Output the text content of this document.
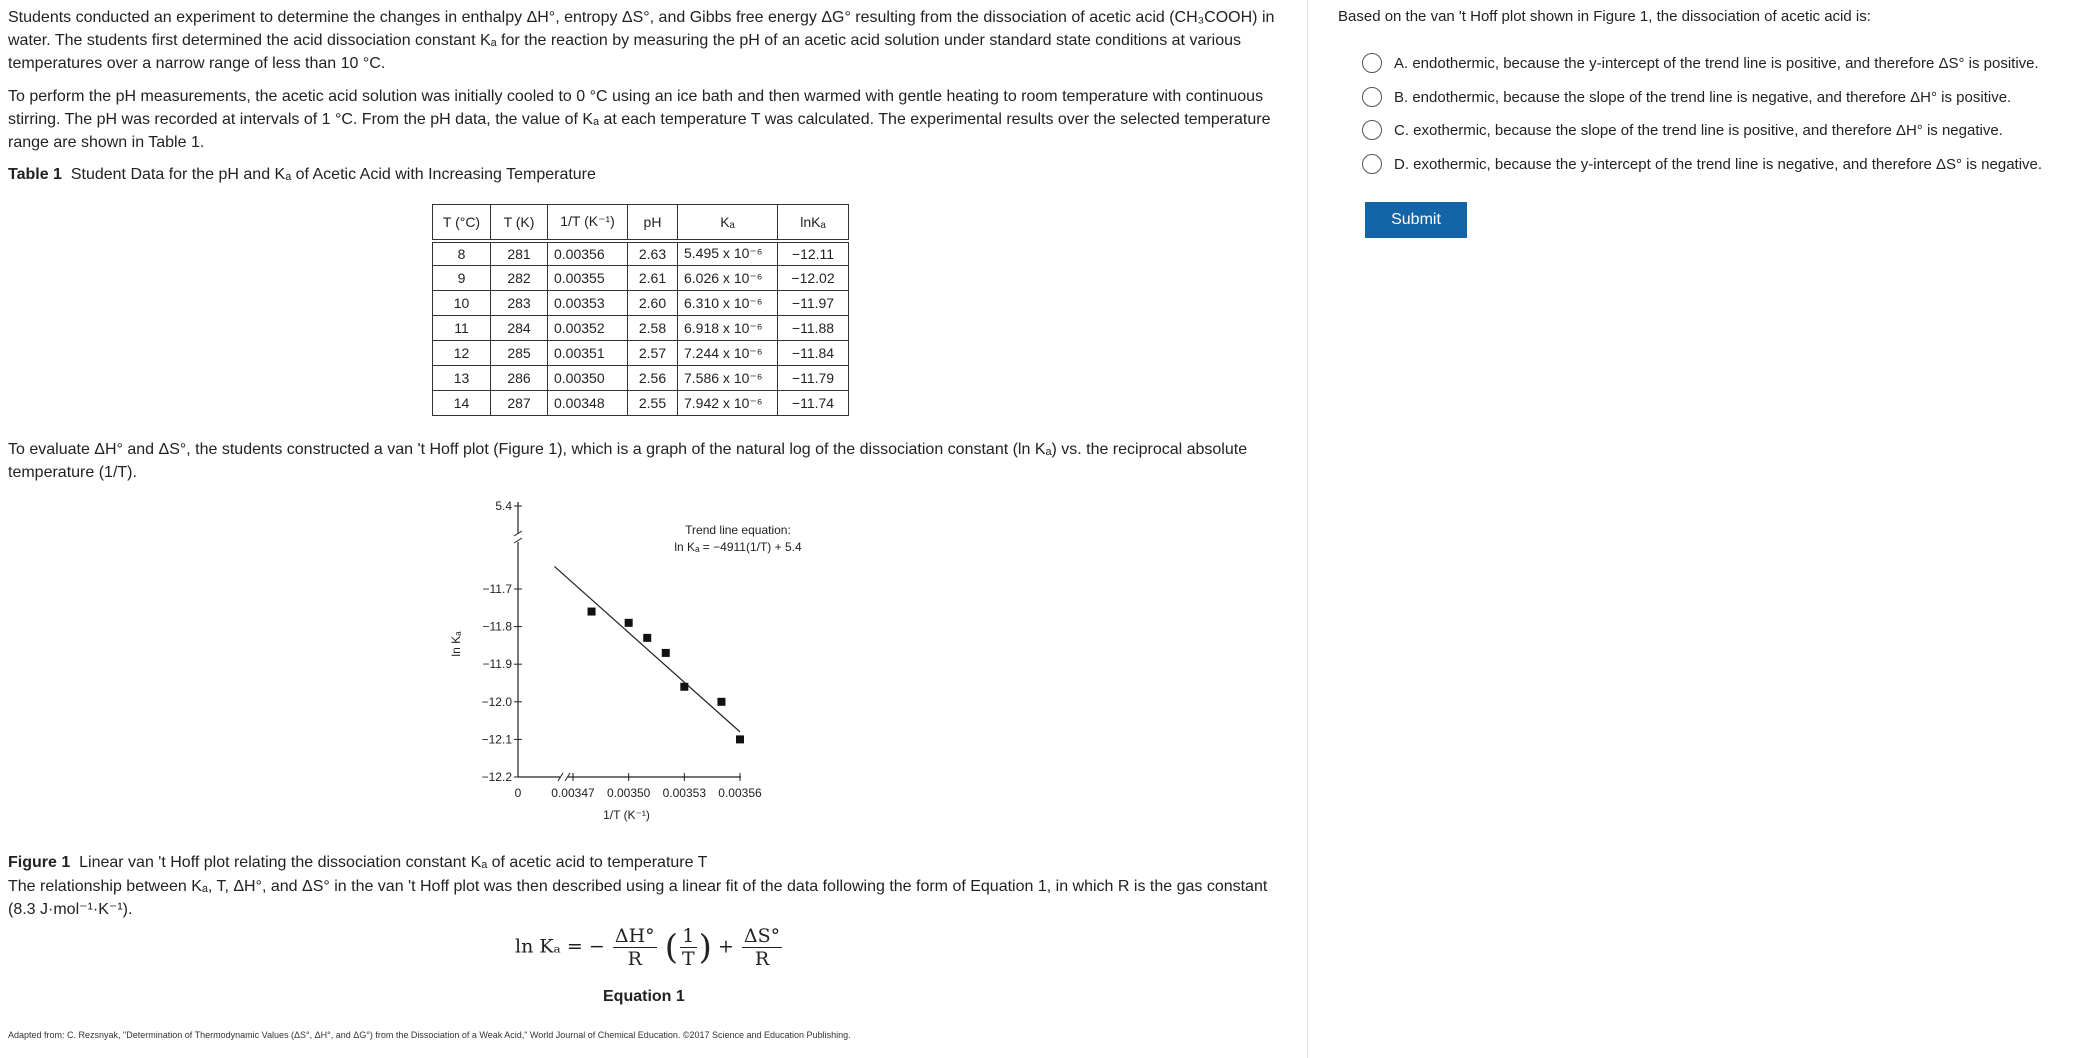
Students conducted an experiment to determine the changes in enthalpy ΔH°, entropy ΔS°, and Gibbs free energy ΔG° resulting from the dissociation of acetic acid (CH₃COOH) in water. The students first determined the acid dissociation constant Kₐ for the reaction by measuring the pH of an acetic acid solution under standard state conditions at various temperatures over a narrow range of less than 10 °C.

To perform the pH measurements, the acetic acid solution was initially cooled to 0 °C using an ice bath and then warmed with gentle heating to room temperature with continuous stirring. The pH was recorded at intervals of 1 °C. From the pH data, the value of Kₐ at each temperature T was calculated. The experimental results over the selected temperature range are shown in Table 1.

Table 1 Student Data for the pH and Kₐ of Acetic Acid with Increasing Temperature
T (°C)	T (K)	1/T (K⁻¹)	pH	Kₐ	lnKₐ
8	281	0.00356	2.63	5.495 x 10⁻⁶	−12.11
9	282	0.00355	2.61	6.026 x 10⁻⁶	−12.02
10	283	0.00353	2.60	6.310 x 10⁻⁶	−11.97
11	284	0.00352	2.58	6.918 x 10⁻⁶	−11.88
12	285	0.00351	2.57	7.244 x 10⁻⁶	−11.84
13	286	0.00350	2.56	7.586 x 10⁻⁶	−11.79
14	287	0.00348	2.55	7.942 x 10⁻⁶	−11.74

To evaluate ΔH° and ΔS°, the students constructed a van 't Hoff plot (Figure 1), which is a graph of the natural log of the dissociation constant (ln Kₐ) vs. the reciprocal absolute temperature (1/T).

Figure 1 Linear van 't Hoff plot relating the dissociation constant Kₐ of acetic acid to temperature T

The relationship between Kₐ, T, ΔH°, and ΔS° in the van 't Hoff plot was then described using a linear fit of the data following the form of Equation 1, in which R is the gas constant (8.3 J·mol⁻¹·K⁻¹).

5.4
−11.7
−11.8
−11.9
−12.0
−12.1
−12.2
0 0.00347 0.00350 0.00353 0.00356
1/T (K⁻¹)
ln Kₐ
Trend line equation:
ln Kₐ = −4911(1/T) + 5.4
ln Kₐ = − $\frac{\Delta H^\circ}{R}$ ( $\frac{1}{T}$ ) + $\frac{\Delta S^\circ}{R}$
Equation 1
Adapted from: C. Rezsnyak, "Determination of Thermodynamic Values (ΔS°, ΔH°, and ΔG°) from the Dissociation of a Weak Acid," World Journal of Chemical Education. ©2017 Science and Education Publishing.
Based on the van 't Hoff plot shown in Figure 1, the dissociation of acetic acid is:
A. endothermic, because the y-intercept of the trend line is positive, and therefore ΔS° is positive.
B. endothermic, because the slope of the trend line is negative, and therefore ΔH° is positive.
C. exothermic, because the slope of the trend line is positive, and therefore ΔH° is negative.
D. exothermic, because the y-intercept of the trend line is negative, and therefore ΔS° is negative.
Submit
